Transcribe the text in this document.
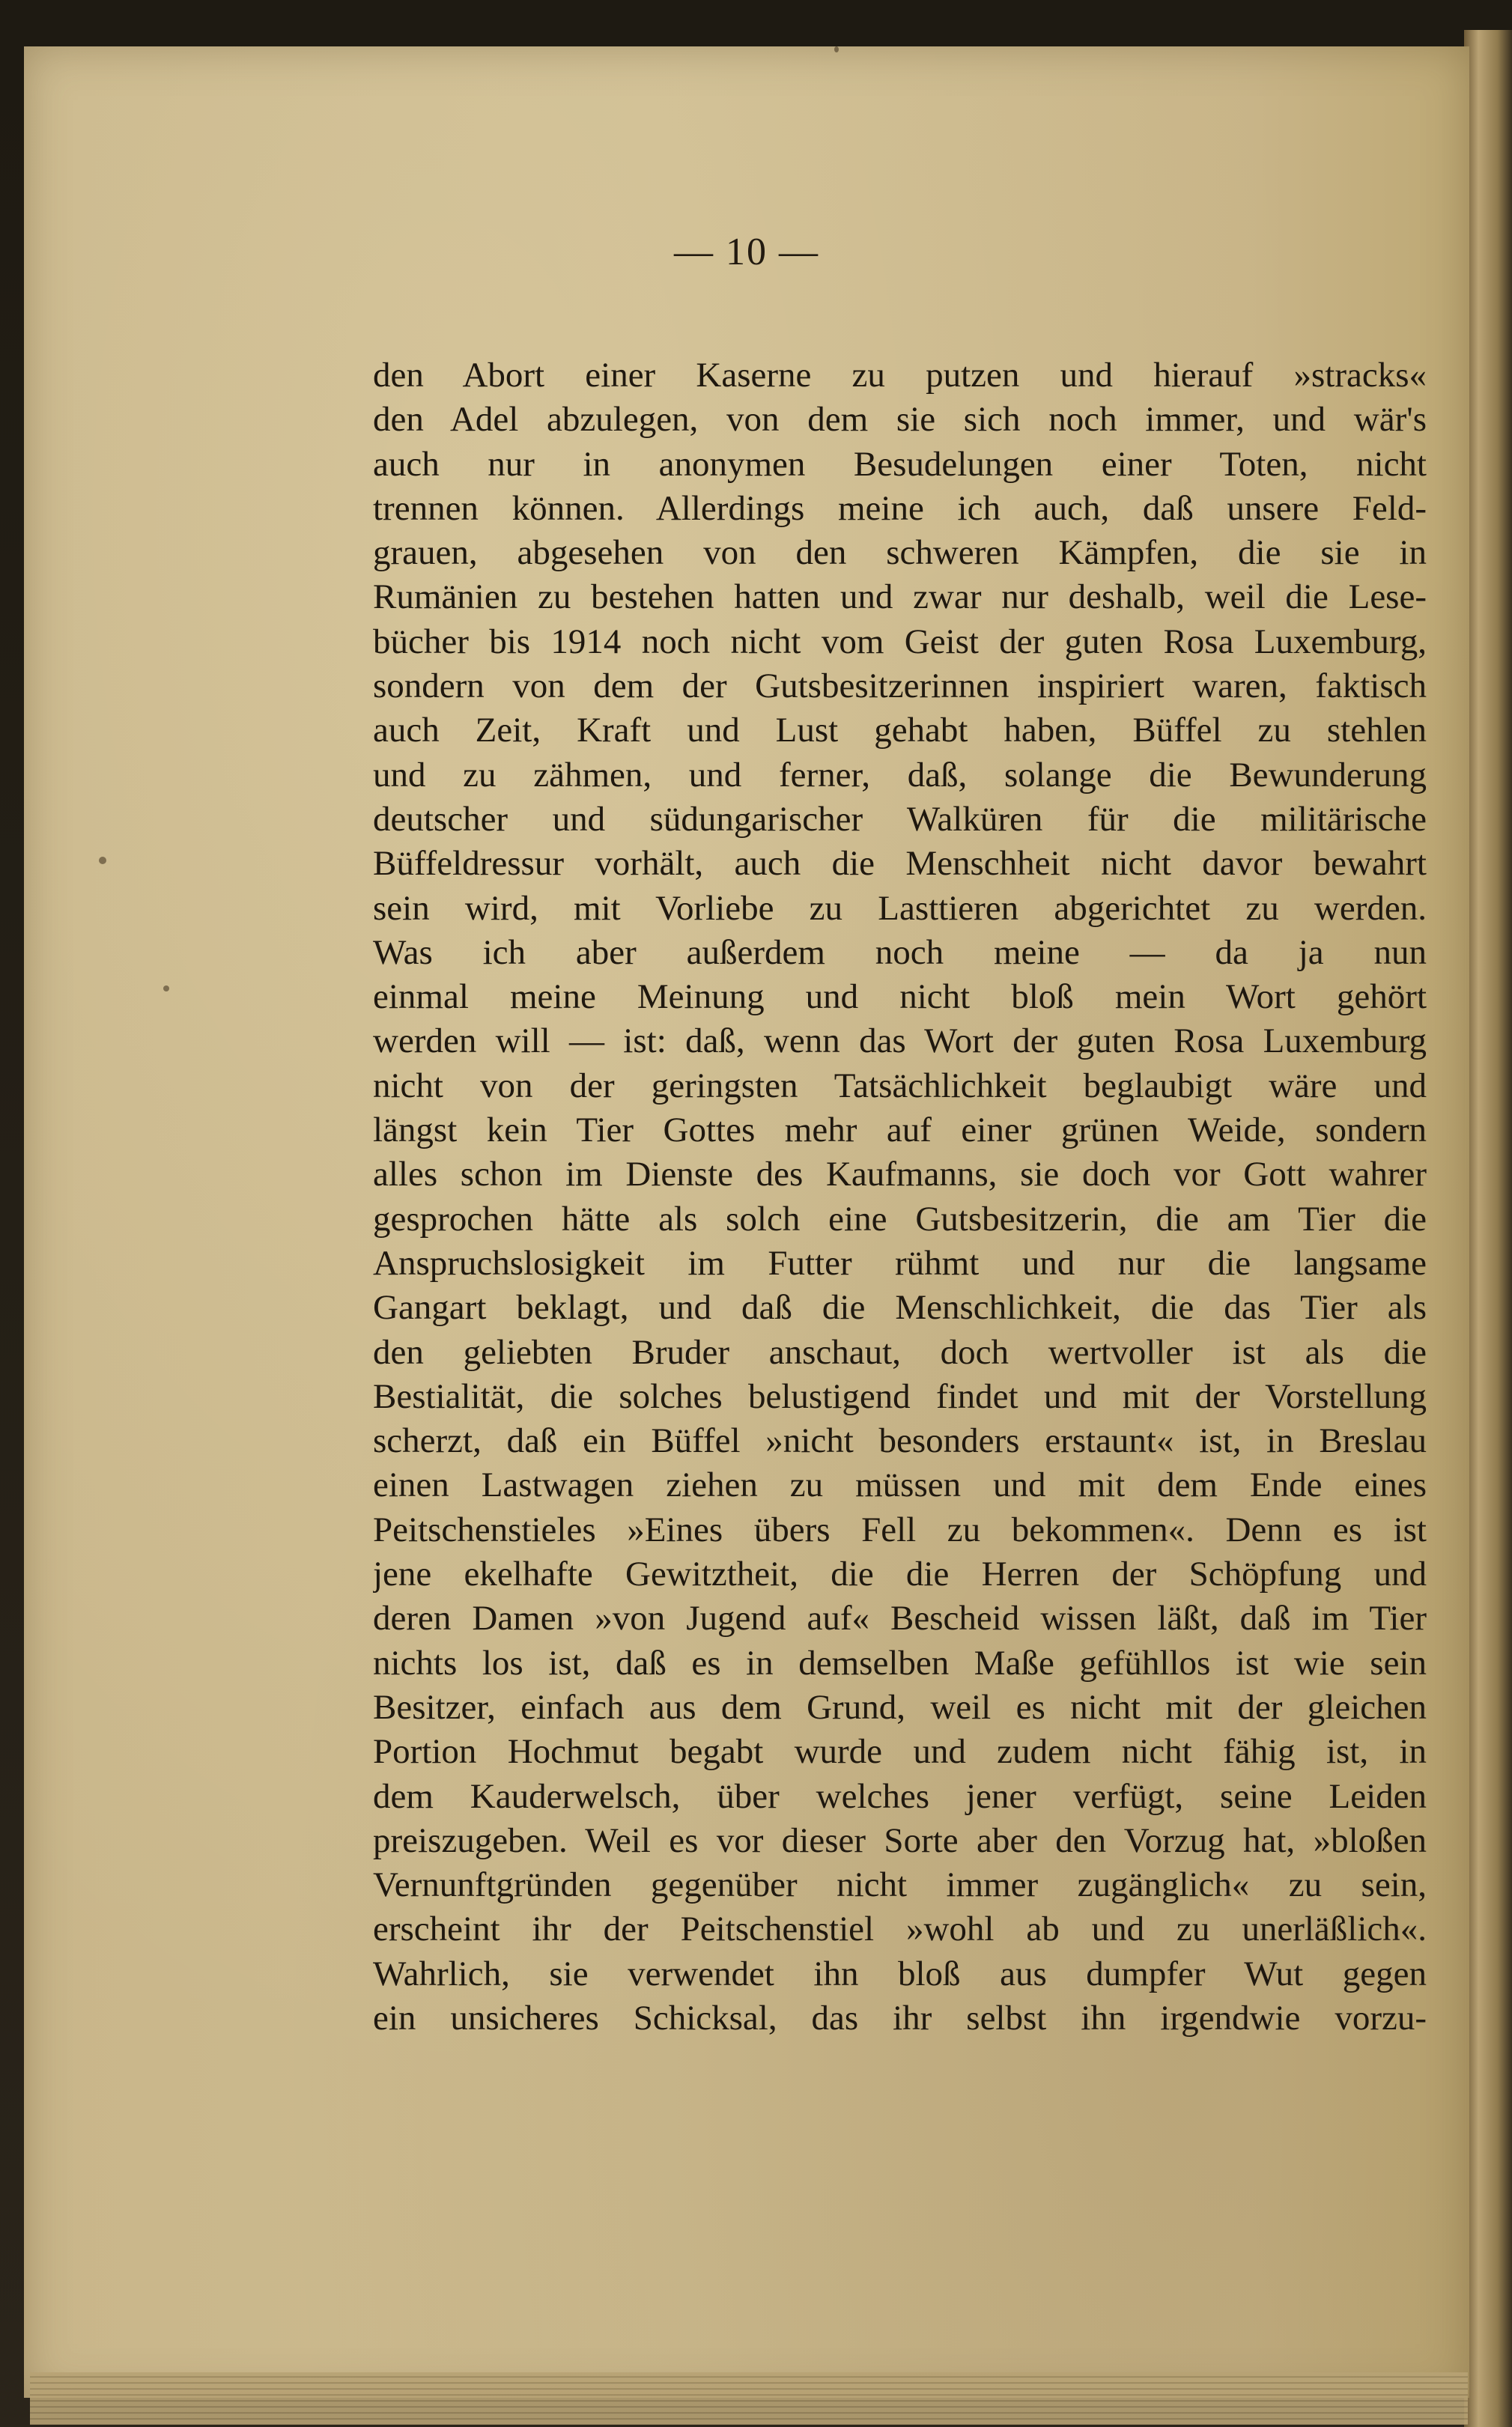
— 10 —
den Abort einer Kaserne zu putzen und hierauf »stracks«
den Adel abzulegen, von dem sie sich noch immer, und wär's
auch nur in anonymen Besudelungen einer Toten, nicht
trennen können. Allerdings meine ich auch, daß unsere Feld-
grauen, abgesehen von den schweren Kämpfen, die sie in
Rumänien zu bestehen hatten und zwar nur deshalb, weil die Lese-
bücher bis 1914 noch nicht vom Geist der guten Rosa Luxemburg,
sondern von dem der Gutsbesitzerinnen inspiriert waren, faktisch
auch Zeit, Kraft und Lust gehabt haben, Büffel zu stehlen
und zu zähmen, und ferner, daß, solange die Bewunderung
deutscher und südungarischer Walküren für die militärische
Büffeldressur vorhält, auch die Menschheit nicht davor bewahrt
sein wird, mit Vorliebe zu Lasttieren abgerichtet zu werden.
Was ich aber außerdem noch meine — da ja nun
einmal meine Meinung und nicht bloß mein Wort gehört
werden will — ist: daß, wenn das Wort der guten Rosa Luxemburg
nicht von der geringsten Tatsächlichkeit beglaubigt wäre und
längst kein Tier Gottes mehr auf einer grünen Weide, sondern
alles schon im Dienste des Kaufmanns, sie doch vor Gott wahrer
gesprochen hätte als solch eine Gutsbesitzerin, die am Tier die
Anspruchslosigkeit im Futter rühmt und nur die langsame
Gangart beklagt, und daß die Menschlichkeit, die das Tier als
den geliebten Bruder anschaut, doch wertvoller ist als die
Bestialität, die solches belustigend findet und mit der Vorstellung
scherzt, daß ein Büffel »nicht besonders erstaunt« ist, in Breslau
einen Lastwagen ziehen zu müssen und mit dem Ende eines
Peitschenstieles »Eines übers Fell zu bekommen«. Denn es ist
jene ekelhafte Gewitztheit, die die Herren der Schöpfung und
deren Damen »von Jugend auf« Bescheid wissen läßt, daß im Tier
nichts los ist, daß es in demselben Maße gefühllos ist wie sein
Besitzer, einfach aus dem Grund, weil es nicht mit der gleichen
Portion Hochmut begabt wurde und zudem nicht fähig ist, in
dem Kauderwelsch, über welches jener verfügt, seine Leiden
preiszugeben. Weil es vor dieser Sorte aber den Vorzug hat, »bloßen
Vernunftgründen gegenüber nicht immer zugänglich« zu sein,
erscheint ihr der Peitschenstiel »wohl ab und zu unerläßlich«.
Wahrlich, sie verwendet ihn bloß aus dumpfer Wut gegen
ein unsicheres Schicksal, das ihr selbst ihn irgendwie vorzu-
